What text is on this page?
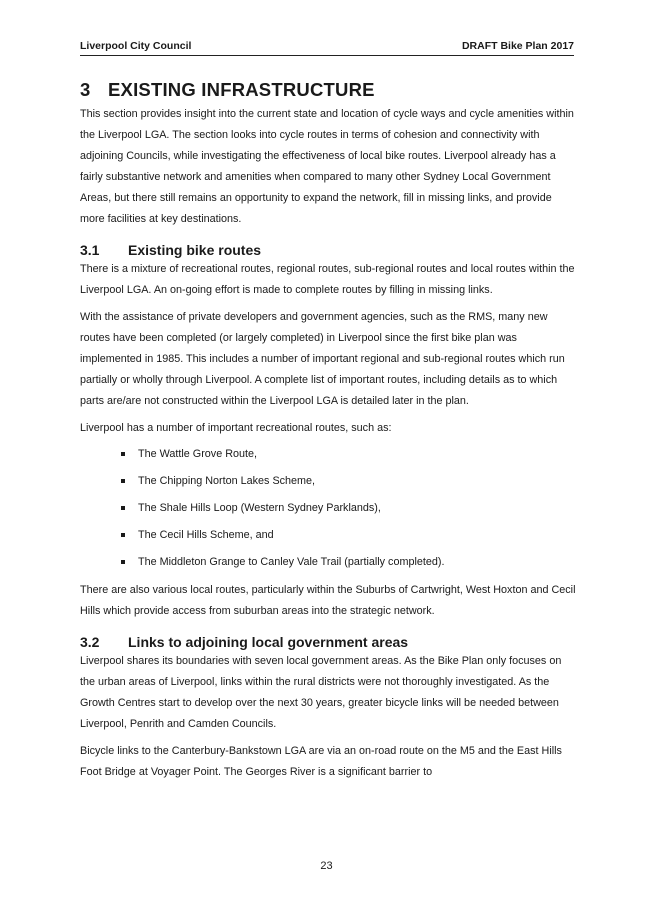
Liverpool City Council	DRAFT Bike Plan 2017
3 EXISTING INFRASTRUCTURE

This section provides insight into the current state and location of cycle ways and cycle amenities within the Liverpool LGA. The section looks into cycle routes in terms of cohesion and connectivity with adjoining Councils, while investigating the effectiveness of local bike routes. Liverpool already has a fairly substantive network and amenities when compared to many other Sydney Local Government Areas, but there still remains an opportunity to expand the network, fill in missing links, and provide more facilities at key destinations.

3.1 Existing bike routes

There is a mixture of recreational routes, regional routes, sub-regional routes and local routes within the Liverpool LGA. An on-going effort is made to complete routes by filling in missing links.

With the assistance of private developers and government agencies, such as the RMS, many new routes have been completed (or largely completed) in Liverpool since the first bike plan was implemented in 1985. This includes a number of important regional and sub-regional routes which run partially or wholly through Liverpool. A complete list of important routes, including details as to which parts are/are not constructed within the Liverpool LGA is detailed later in the plan.

Liverpool has a number of important recreational routes, such as:

The Wattle Grove Route,
The Chipping Norton Lakes Scheme,
The Shale Hills Loop (Western Sydney Parklands),
The Cecil Hills Scheme, and
The Middleton Grange to Canley Vale Trail (partially completed).

There are also various local routes, particularly within the Suburbs of Cartwright, West Hoxton and Cecil Hills which provide access from suburban areas into the strategic network.

3.2 Links to adjoining local government areas

Liverpool shares its boundaries with seven local government areas. As the Bike Plan only focuses on the urban areas of Liverpool, links within the rural districts were not thoroughly investigated. As the Growth Centres start to develop over the next 30 years, greater bicycle links will be needed between Liverpool, Penrith and Camden Councils.

Bicycle links to the Canterbury-Bankstown LGA are via an on-road route on the M5 and the East Hills Foot Bridge at Voyager Point. The Georges River is a significant barrier to

23
